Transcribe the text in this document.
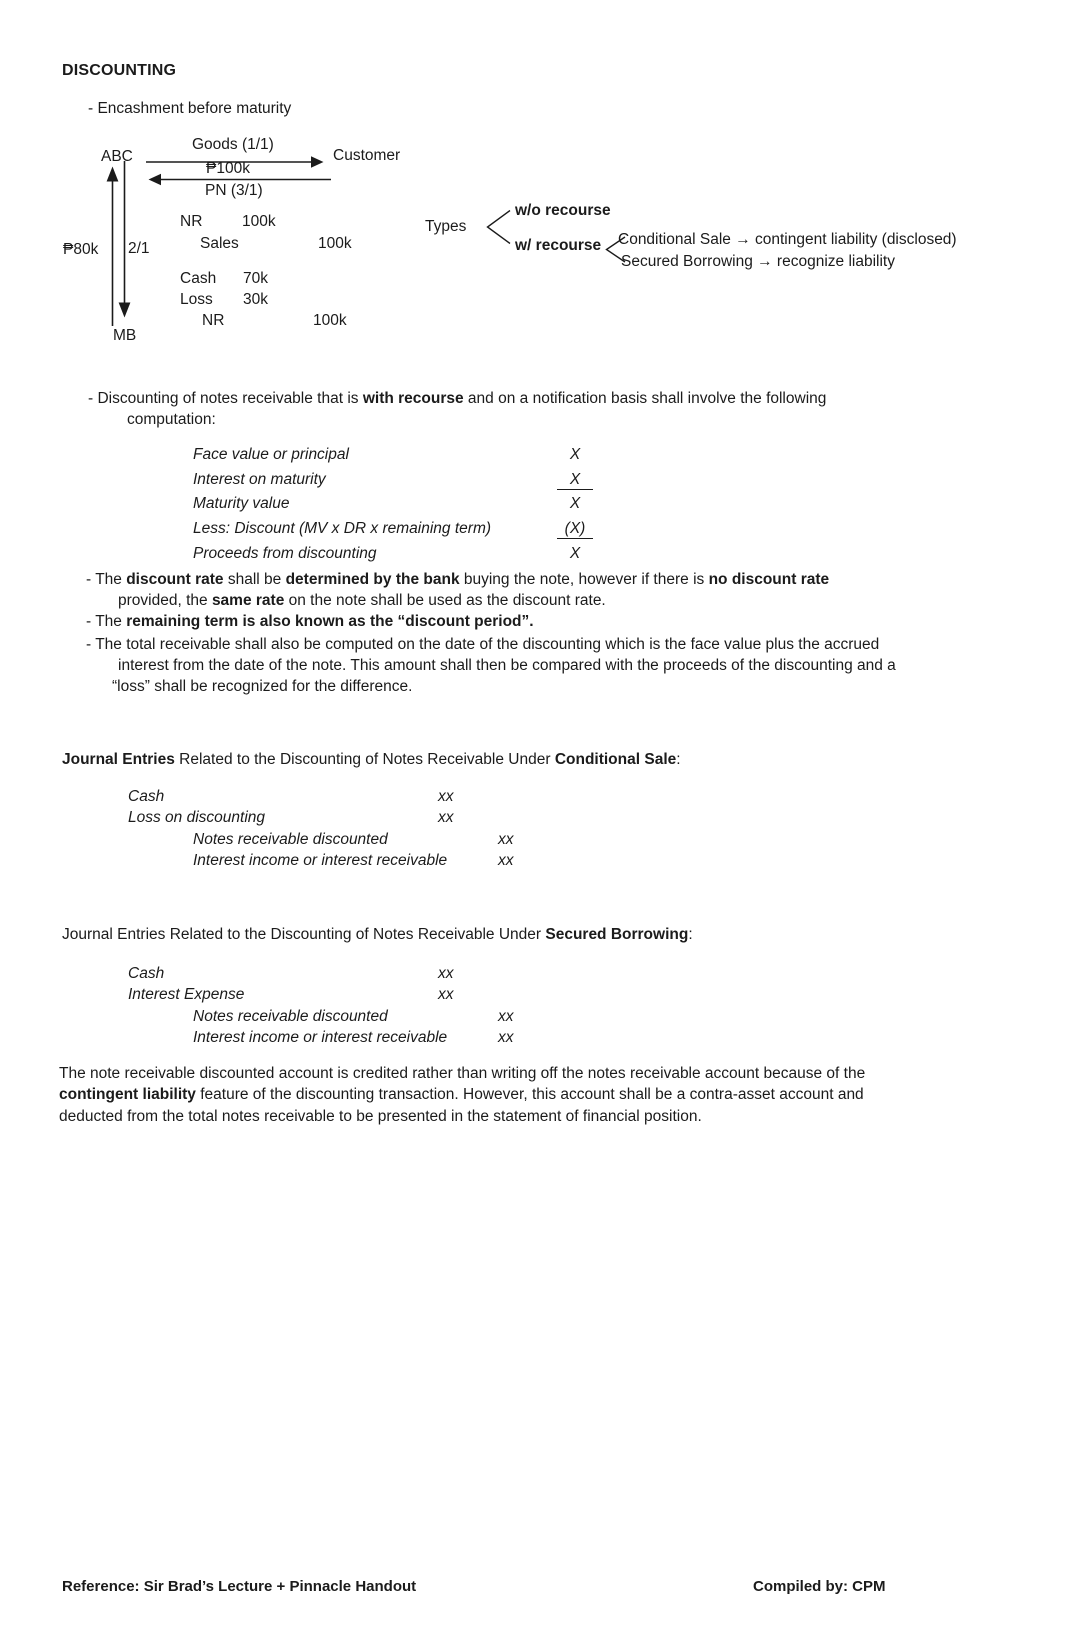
DISCOUNTING
- Encashment before maturity
ABC
Goods (1/1)
Customer
₱100k
PN (3/1)
₱80k 2/1
MB
NR	100k
Sales	100k
Cash 70k
Loss 30k
NR	100k
Types
w/o recourse
w/ recourse Conditional Sale → contingent liability (disclosed)
Secured Borrowing → recognize liability
- Discounting of notes receivable that is with recourse and on a notification basis shall involve the following
computation:
Face value or principal	X
Interest on maturity	X
Maturity value	X
Less: Discount (MV x DR x remaining term)	(X)
Proceeds from discounting	X
- The discount rate shall be determined by the bank buying the note, however if there is no discount rate
provided, the same rate on the note shall be used as the discount rate.
- The remaining term is also known as the “discount period”.
- The total receivable shall also be computed on the date of the discounting which is the face value plus the accrued
interest from the date of the note. This amount shall then be compared with the proceeds of the discounting and a
“loss” shall be recognized for the difference.
Journal Entries Related to the Discounting of Notes Receivable Under Conditional Sale:
Cash	xx
Loss on discounting	xx
Notes receivable discounted	xx
Interest income or interest receivable	xx
Journal Entries Related to the Discounting of Notes Receivable Under Secured Borrowing:
Cash	xx
Interest Expense	xx
Notes receivable discounted	xx
Interest income or interest receivable	xx
The note receivable discounted account is credited rather than writing off the notes receivable account because of the
contingent liability feature of the discounting transaction. However, this account shall be a contra-asset account and
deducted from the total notes receivable to be presented in the statement of financial position.
Reference: Sir Brad’s Lecture + Pinnacle Handout	Compiled by: CPM
